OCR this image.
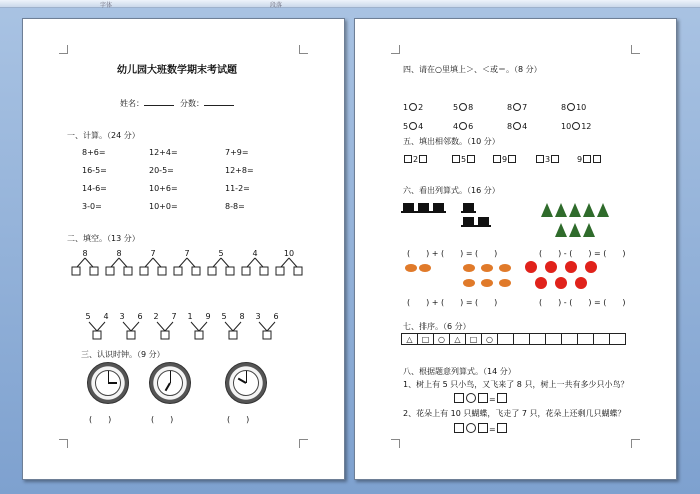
字体	段落
幼儿园大班数学期末考试题
姓名：	分数：
一、计算。（24 分）
8+6=	12+4=	7+9=
16-5=	20-5=	12+8=
14-6=	10+6=	11-2=
3-0=	10+0=	8-8=
二、填空。（13 分）
8	8	7	7	5	4	10
5 4 3 6 2 7 1 9 5 8 3 6
三、认识时钟。（9 分）
(　　)	(　　)	(　　)
四、请在○里填上＞、＜或＝。（8 分）
1 2	5 8	8 7	8 10
5 4	4 6	8 4	10 12
五、填出相邻数。（10 分）
2	5	9	3	9
六、看出列算式。（16 分）
(　　) + (　　) = (　　)	(　　) - (　　) = (　　)
(　　) + (　　) = (　　)	(　　) - (　　) = (　　)
七、排序。（6 分）
△	□	○	△	□	○								
八、根据题意列算式。（14 分）
1、树上有 5 只小鸟，又飞来了 8 只，树上一共有多少只小鸟？
=
2、花朵上有 10 只蝴蝶，飞走了 7 只，花朵上还剩几只蝴蝶？
=
